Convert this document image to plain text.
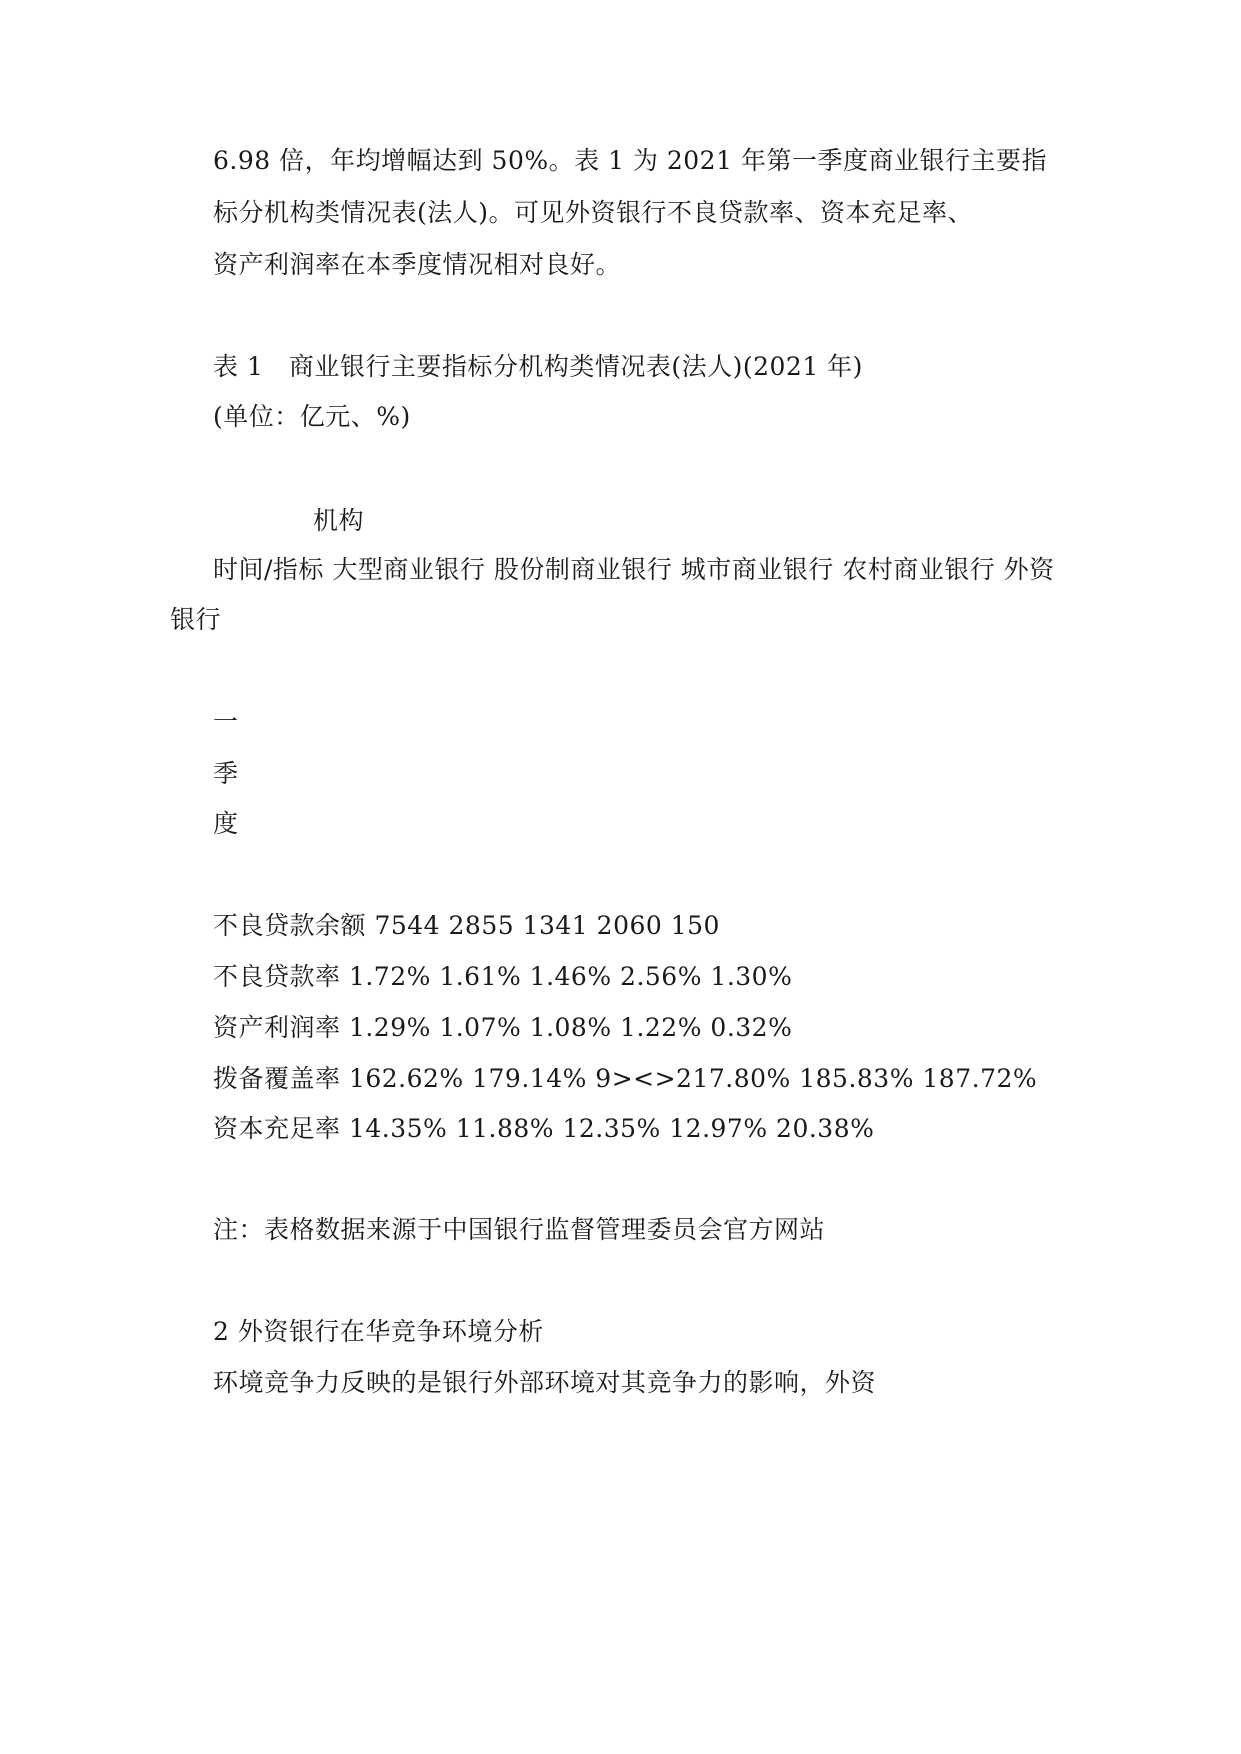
6.98 倍，年均增幅达到 50%。表 1 为 2021 年第一季度商业银行主要指
标分机构类情况表(法人)。可见外资银行不良贷款率、资本充足率、
资产利润率在本季度情况相对良好。
表 1　商业银行主要指标分机构类情况表(法人)(2021 年)
(单位：亿元、%)
机构
时间/指标 大型商业银行 股份制商业银行 城市商业银行 农村商业银行 外资
银行
一
季
度
不良贷款余额 7544 2855 1341 2060 150
不良贷款率 1.72% 1.61% 1.46% 2.56% 1.30%
资产利润率 1.29% 1.07% 1.08% 1.22% 0.32%
拨备覆盖率 162.62% 179.14% 9><>217.80% 185.83% 187.72%
资本充足率 14.35% 11.88% 12.35% 12.97% 20.38%
注：表格数据来源于中国银行监督管理委员会官方网站
2 外资银行在华竞争环境分析
环境竞争力反映的是银行外部环境对其竞争力的影响，外资
